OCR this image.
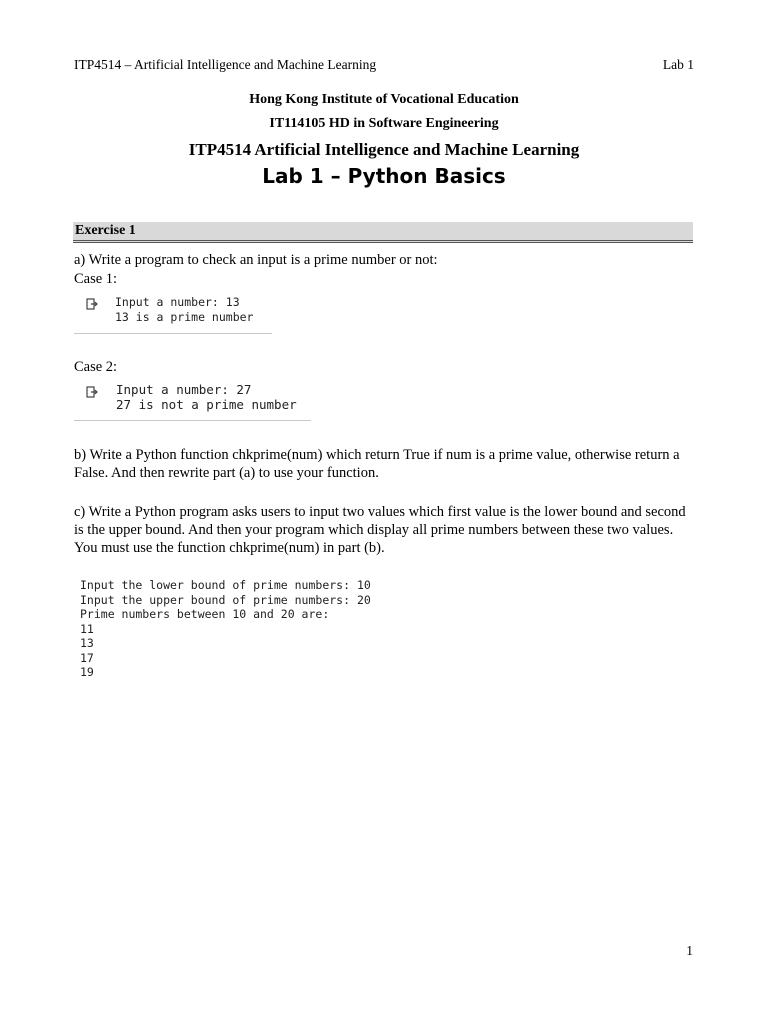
ITP4514 – Artificial Intelligence and Machine Learning	Lab 1
Hong Kong Institute of Vocational Education
IT114105 HD in Software Engineering
ITP4514 Artificial Intelligence and Machine Learning
Lab 1 – Python Basics
Exercise 1
a) Write a program to check an input is a prime number or not:
Case 1:
Input a number: 13
13 is a prime number
Case 2:
Input a number: 27
27 is not a prime number
b) Write a Python function chkprime(num) which return True if num is a prime value, otherwise return a False. And then rewrite part (a) to use your function.
c) Write a Python program asks users to input two values which first value is the lower bound and second is the upper bound. And then your program which display all prime numbers between these two values. You must use the function chkprime(num) in part (b).
Input the lower bound of prime numbers: 10
Input the upper bound of prime numbers: 20
Prime numbers between 10 and 20 are:
11
13
17
19
1
